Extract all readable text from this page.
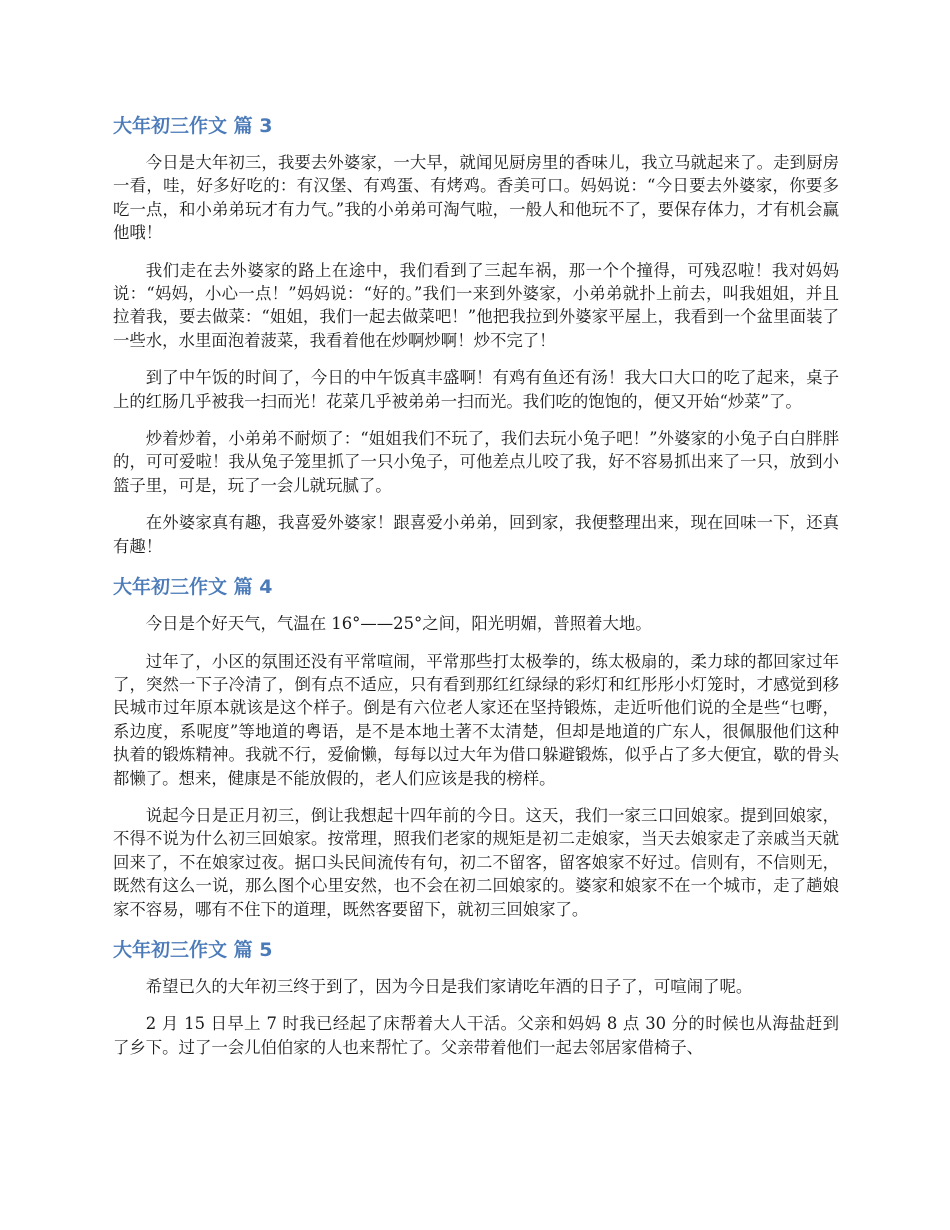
大年初三作文 篇 3

今日是大年初三，我要去外婆家，一大早，就闻见厨房里的香味儿，我立马就起来了。走到厨房一看，哇，好多好吃的：有汉堡、有鸡蛋、有烤鸡。香美可口。妈妈说：“今日要去外婆家，你要多吃一点，和小弟弟玩才有力气。”我的小弟弟可淘气啦，一般人和他玩不了，要保存体力，才有机会赢他哦！

我们走在去外婆家的路上在途中，我们看到了三起车祸，那一个个撞得，可残忍啦！我对妈妈说：“妈妈，小心一点！”妈妈说：“好的。”我们一来到外婆家，小弟弟就扑上前去，叫我姐姐，并且拉着我，要去做菜：“姐姐，我们一起去做菜吧！”他把我拉到外婆家平屋上，我看到一个盆里面装了一些水，水里面泡着菠菜，我看着他在炒啊炒啊！炒不完了！

到了中午饭的时间了，今日的中午饭真丰盛啊！有鸡有鱼还有汤！我大口大口的吃了起来，桌子上的红肠几乎被我一扫而光！花菜几乎被弟弟一扫而光。我们吃的饱饱的，便又开始“炒菜”了。

炒着炒着，小弟弟不耐烦了：“姐姐我们不玩了，我们去玩小兔子吧！”外婆家的小兔子白白胖胖的，可可爱啦！我从兔子笼里抓了一只小兔子，可他差点儿咬了我，好不容易抓出来了一只，放到小篮子里，可是，玩了一会儿就玩腻了。

在外婆家真有趣，我喜爱外婆家！跟喜爱小弟弟，回到家，我便整理出来，现在回味一下，还真有趣！

大年初三作文 篇 4

今日是个好天气，气温在 16°——25°之间，阳光明媚，普照着大地。

过年了，小区的氛围还没有平常喧闹，平常那些打太极拳的，练太极扇的，柔力球的都回家过年了，突然一下子冷清了，倒有点不适应，只有看到那红红绿绿的彩灯和红彤彤小灯笼时，才感觉到移民城市过年原本就该是这个样子。倒是有六位老人家还在坚持锻炼，走近听他们说的全是些“乜嘢，系边度，系呢度”等地道的粤语，是不是本地土著不太清楚，但却是地道的广东人，很佩服他们这种执着的锻炼精神。我就不行，爱偷懒，每每以过大年为借口躲避锻炼，似乎占了多大便宜，歇的骨头都懒了。想来，健康是不能放假的，老人们应该是我的榜样。

说起今日是正月初三，倒让我想起十四年前的今日。这天，我们一家三口回娘家。提到回娘家，不得不说为什么初三回娘家。按常理，照我们老家的规矩是初二走娘家，当天去娘家走了亲戚当天就回来了，不在娘家过夜。据口头民间流传有句，初二不留客，留客娘家不好过。信则有，不信则无，既然有这么一说，那么图个心里安然，也不会在初二回娘家的。婆家和娘家不在一个城市，走了趟娘家不容易，哪有不住下的道理，既然客要留下，就初三回娘家了。

大年初三作文 篇 5

希望已久的大年初三终于到了，因为今日是我们家请吃年酒的日子了，可喧闹了呢。

2 月 15 日早上 7 时我已经起了床帮着大人干活。父亲和妈妈 8 点 30 分的时候也从海盐赶到了乡下。过了一会儿伯伯家的人也来帮忙了。父亲带着他们一起去邻居家借椅子、
